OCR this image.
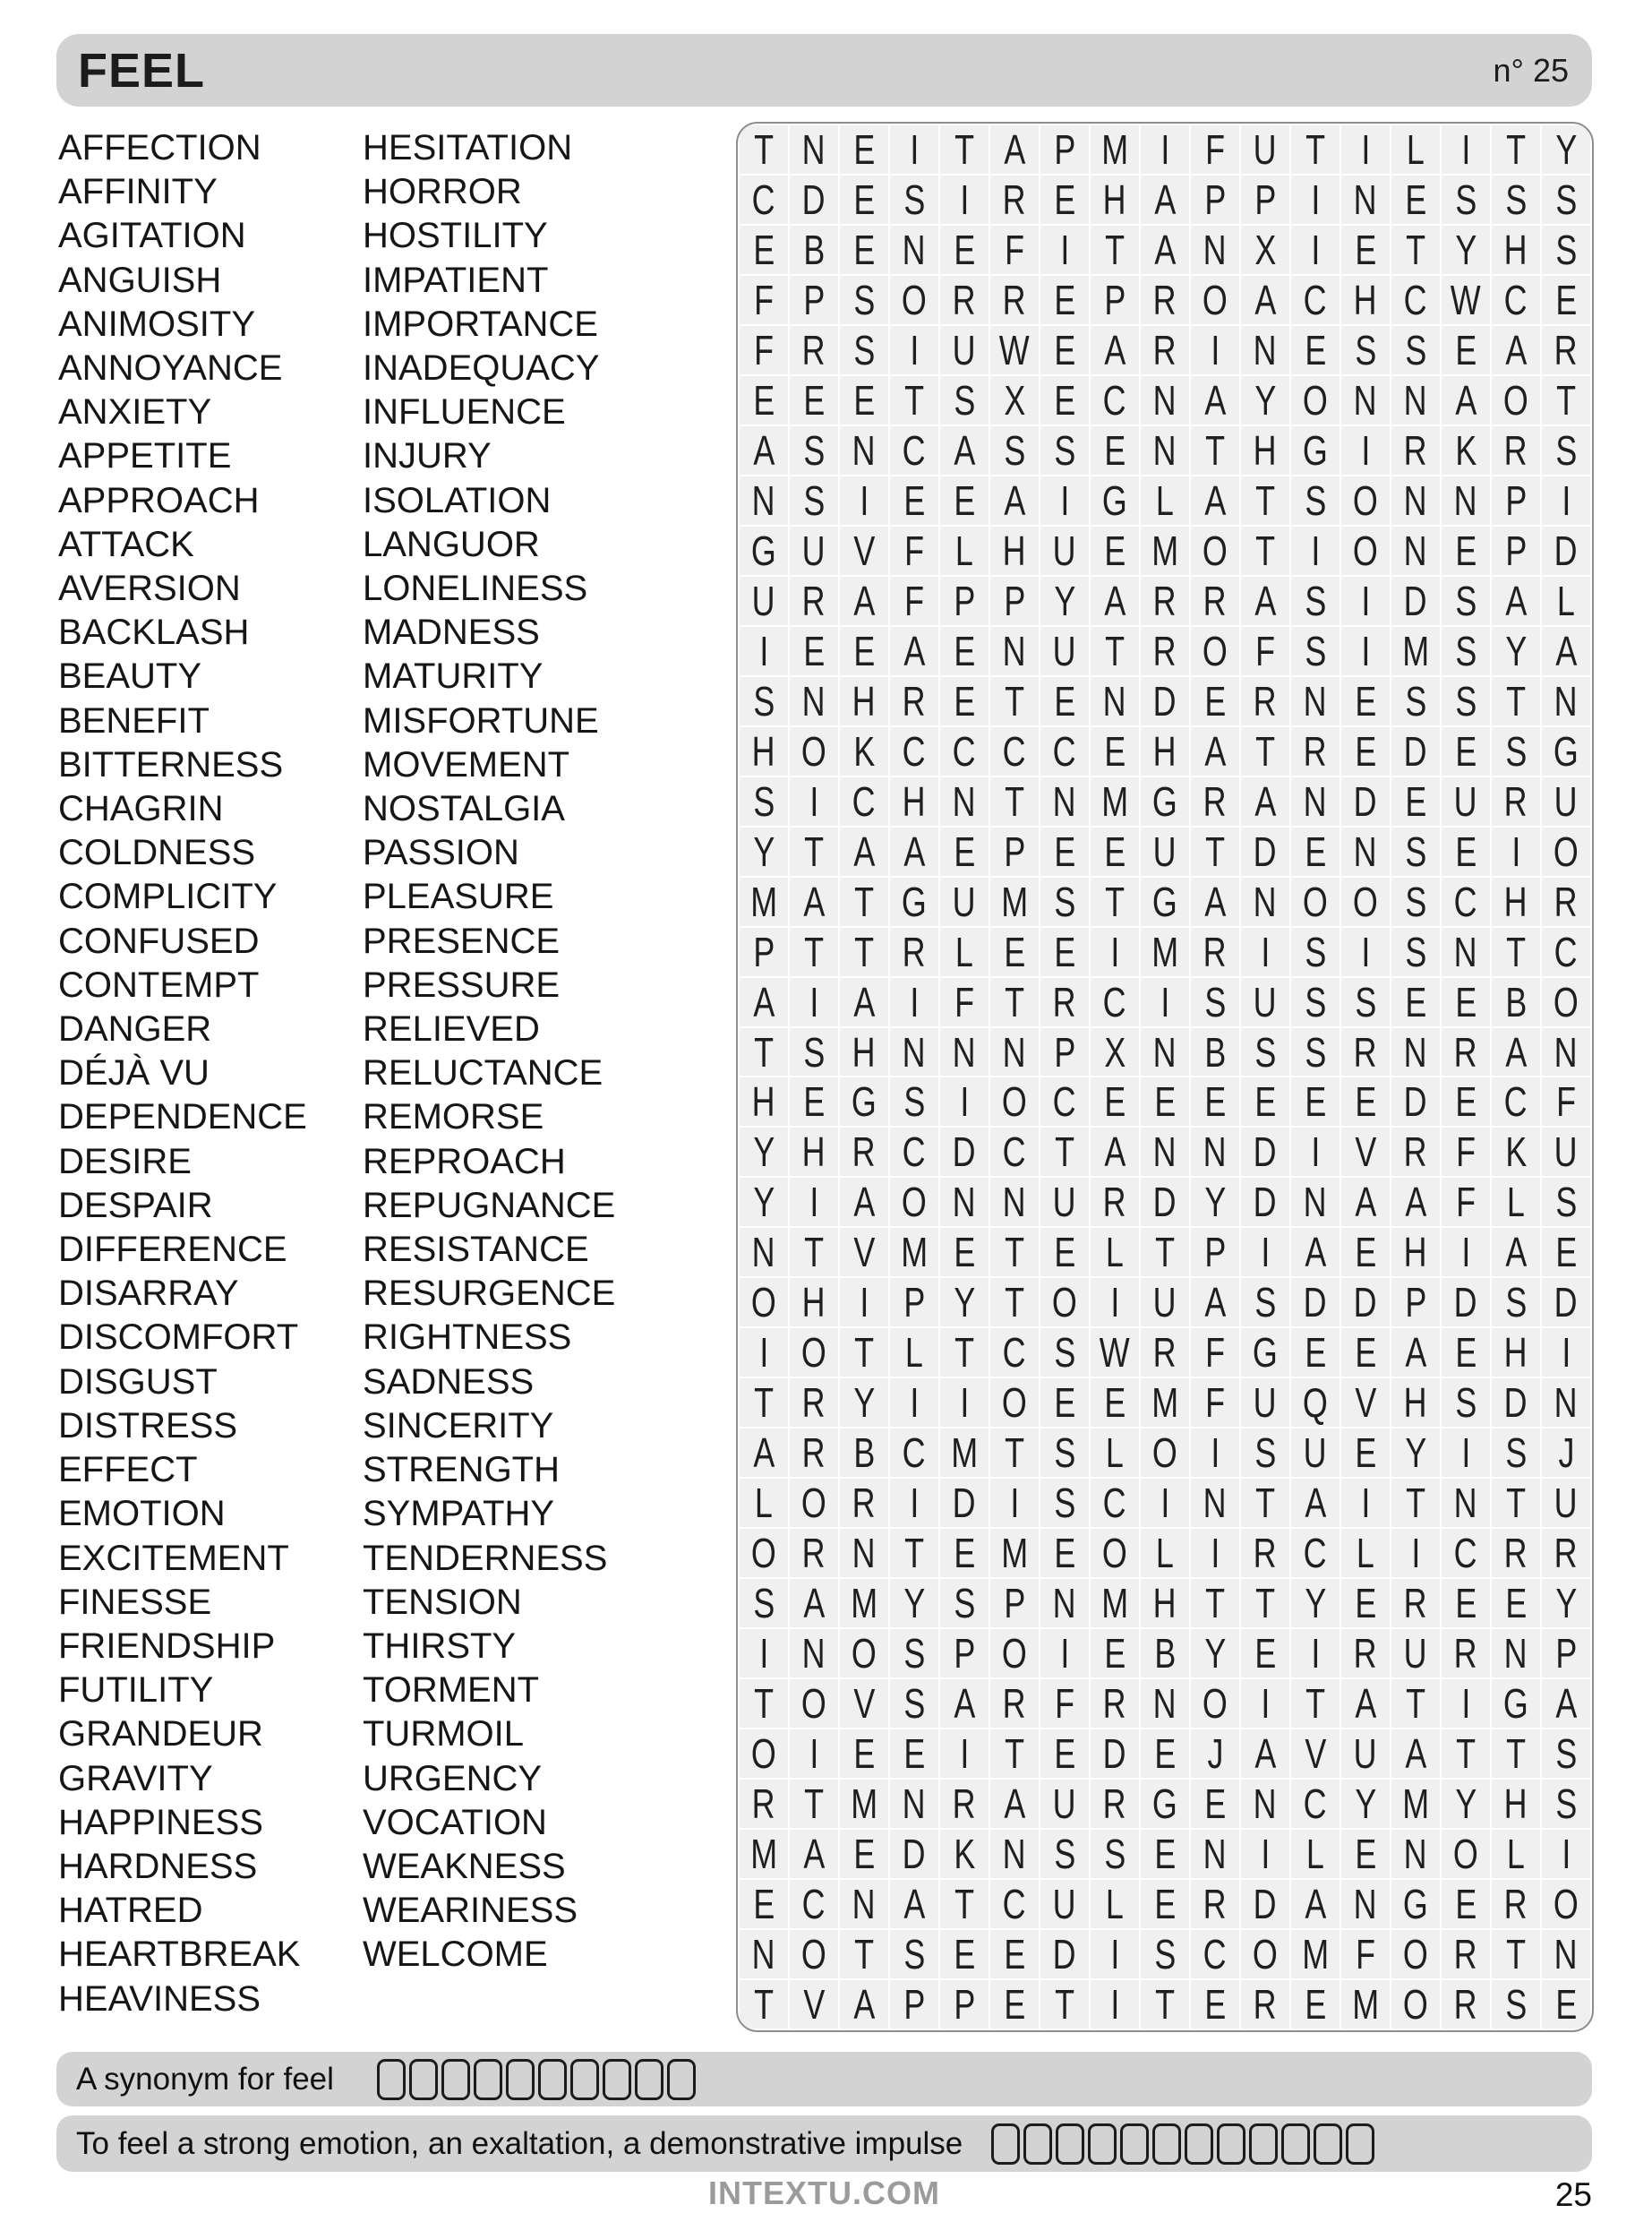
FEEL	n° 25
AFFECTION
AFFINITY
AGITATION
ANGUISH
ANIMOSITY
ANNOYANCE
ANXIETY
APPETITE
APPROACH
ATTACK
AVERSION
BACKLASH
BEAUTY
BENEFIT
BITTERNESS
CHAGRIN
COLDNESS
COMPLICITY
CONFUSED
CONTEMPT
DANGER
DÉJÀ VU
DEPENDENCE
DESIRE
DESPAIR
DIFFERENCE
DISARRAY
DISCOMFORT
DISGUST
DISTRESS
EFFECT
EMOTION
EXCITEMENT
FINESSE
FRIENDSHIP
FUTILITY
GRANDEUR
GRAVITY
HAPPINESS
HARDNESS
HATRED
HEARTBREAK
HEAVINESS
HESITATION
HORROR
HOSTILITY
IMPATIENT
IMPORTANCE
INADEQUACY
INFLUENCE
INJURY
ISOLATION
LANGUOR
LONELINESS
MADNESS
MATURITY
MISFORTUNE
MOVEMENT
NOSTALGIA
PASSION
PLEASURE
PRESENCE
PRESSURE
RELIEVED
RELUCTANCE
REMORSE
REPROACH
REPUGNANCE
RESISTANCE
RESURGENCE
RIGHTNESS
SADNESS
SINCERITY
STRENGTH
SYMPATHY
TENDERNESS
TENSION
THIRSTY
TORMENT
TURMOIL
URGENCY
VOCATION
WEAKNESS
WEARINESS
WELCOME
T N E I T A P M I F U T I L I T Y
C D E S I R E H A P P I N E S S S
E B E N E F I T A N X I E T Y H S
F P S O R R E P R O A C H C W C E
F R S I U W E A R I N E S S E A R
E E E T S X E C N A Y O N N A O T
A S N C A S S E N T H G I R K R S
N S I E E A I G L A T S O N N P I
G U V F L H U E M O T I O N E P D
U R A F P P Y A R R A S I D S A L
I E E A E N U T R O F S I M S Y A
S N H R E T E N D E R N E S S T N
H O K C C C C E H A T R E D E S G
S I C H N T N M G R A N D E U R U
Y T A A E P E E U T D E N S E I O
M A T G U M S T G A N O O S C H R
P T T R L E E I M R I S I S N T C
A I A I F T R C I S U S S E E B O
T S H N N N P X N B S S R N R A N
H E G S I O C E E E E E E D E C F
Y H R C D C T A N N D I V R F K U
Y I A O N N U R D Y D N A A F L S
N T V M E T E L T P I A E H I A E
O H I P Y T O I U A S D D P D S D
I O T L T C S W R F G E E A E H I
T R Y I I O E E M F U Q V H S D N
A R B C M T S L O I S U E Y I S J
L O R I D I S C I N T A I T N T U
O R N T E M E O L I R C L I C R R
S A M Y S P N M H T T Y E R E E Y
I N O S P O I E B Y E I R U R N P
T O V S A R F R N O I T A T I G A
O I E E I T E D E J A V U A T T S
R T M N R A U R G E N C Y M Y H S
M A E D K N S S E N I L E N O L I
E C N A T C U L E R D A N G E R O
N O T S E E D I S C O M F O R T N
T V A P P E T I T E R E M O R S E
A synonym for feel
To feel a strong emotion, an exaltation, a demonstrative impulse
INTEXTU.COM	25
